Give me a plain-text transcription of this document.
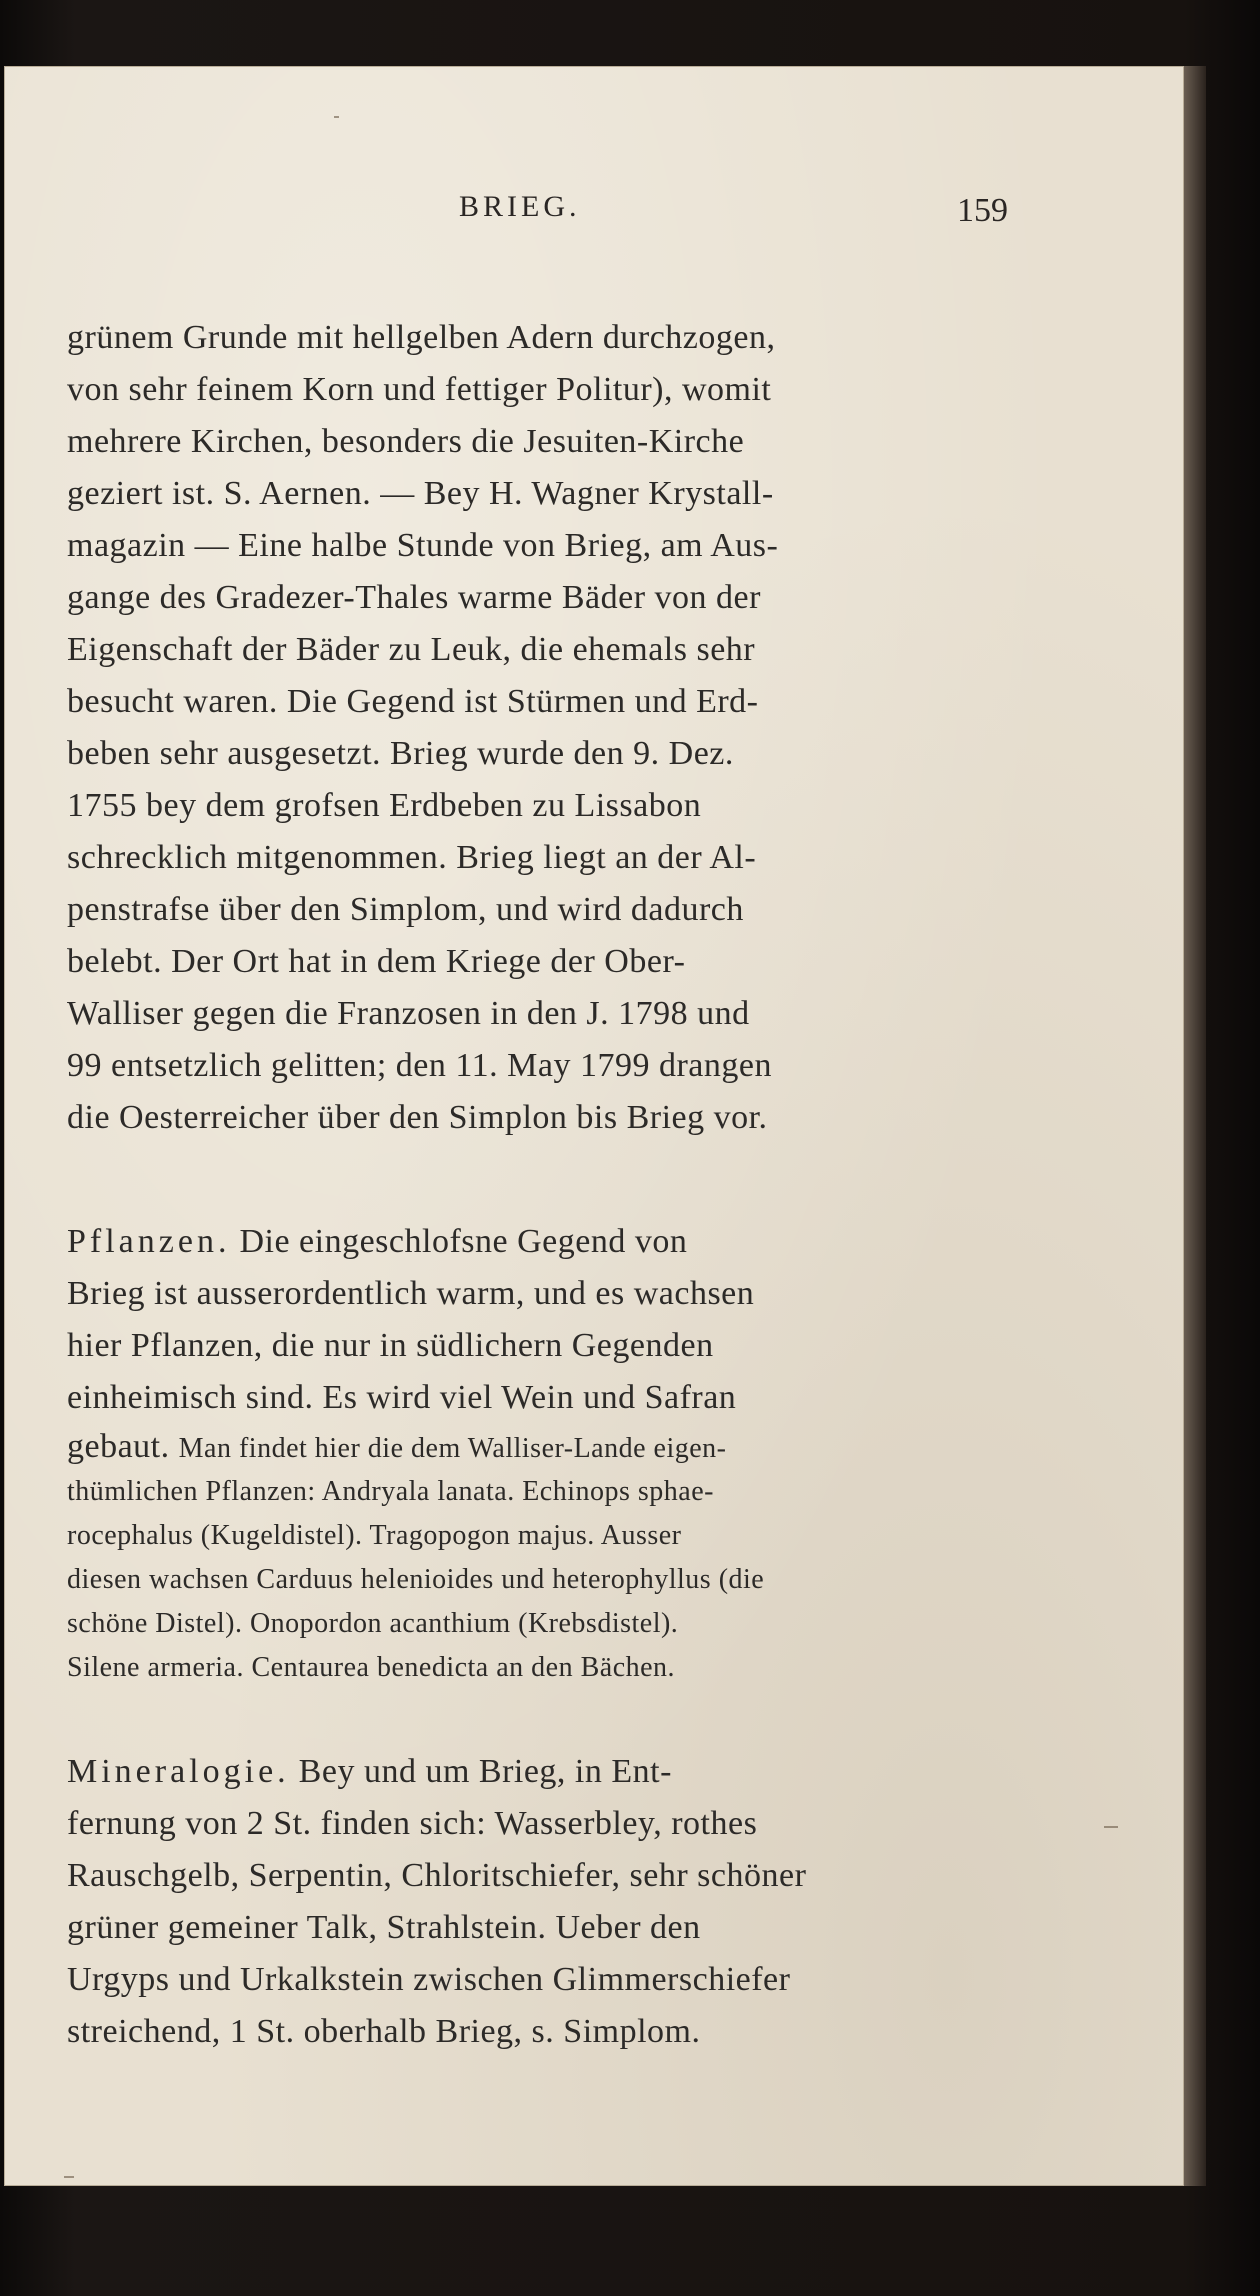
BRIEG.	159
grünem Grunde mit hellgelben Adern durchzogen,
von sehr feinem Korn und fettiger Politur), womit
mehrere Kirchen, besonders die Jesuiten-Kirche
geziert ist. S. Aernen. — Bey H. Wagner Krystall-
magazin — Eine halbe Stunde von Brieg, am Aus-
gange des Gradezer-Thales warme Bäder von der
Eigenschaft der Bäder zu Leuk, die ehemals sehr
besucht waren. Die Gegend ist Stürmen und Erd-
beben sehr ausgesetzt. Brieg wurde den 9. Dez.
1755 bey dem grofsen Erdbeben zu Lissabon
schrecklich mitgenommen. Brieg liegt an der Al-
penstrafse über den Simplom, und wird dadurch
belebt. Der Ort hat in dem Kriege der Ober-
Walliser gegen die Franzosen in den J. 1798 und
99 entsetzlich gelitten; den 11. May 1799 drangen
die Oesterreicher über den Simplon bis Brieg vor.
Pflanzen. Die eingeschlofsne Gegend von
Brieg ist ausserordentlich warm, und es wachsen
hier Pflanzen, die nur in südlichern Gegenden
einheimisch sind. Es wird viel Wein und Safran
gebaut. Man findet hier die dem Walliser-Lande eigen-
thümlichen Pflanzen: Andryala lanata. Echinops sphae-
rocephalus (Kugeldistel). Tragopogon majus. Ausser
diesen wachsen Carduus helenioides und heterophyllus (die
schöne Distel). Onopordon acanthium (Krebsdistel).
Silene armeria. Centaurea benedicta an den Bächen.
Mineralogie. Bey und um Brieg, in Ent-
fernung von 2 St. finden sich: Wasserbley, rothes
Rauschgelb, Serpentin, Chloritschiefer, sehr schöner
grüner gemeiner Talk, Strahlstein. Ueber den
Urgyps und Urkalkstein zwischen Glimmerschiefer
streichend, 1 St. oberhalb Brieg, s. Simplom.
